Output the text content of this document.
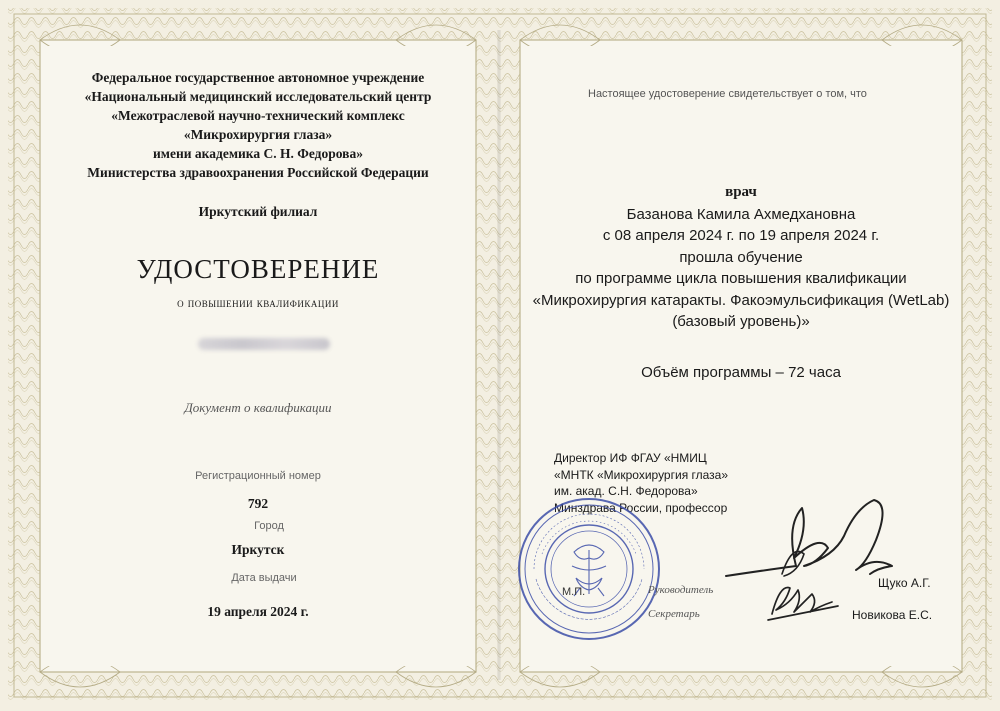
Федеральное государственное автономное учреждение
«Национальный медицинский исследовательский центр
«Межотраслевой научно-технический комплекс
«Микрохирургия глаза»
имени академика С. Н. Федорова»
Министерства здравоохранения Российской Федерации
Иркутский филиал
УДОСТОВЕРЕНИЕ
о повышении квалификации
Документ о квалификации
Регистрационный номер
792
Город
Иркутск
Дата выдачи
19 апреля 2024 г.
Настоящее удостоверение свидетельствует о том, что
врач
Базанова Камила Ахмедхановна
с 08 апреля 2024 г. по 19 апреля 2024 г.
прошла обучение
по программе цикла повышения квалификации
«Микрохирургия катаракты. Факоэмульсификация (WetLab)
(базовый уровень)»
Объём программы – 72 часа
Директор ИФ ФГАУ «НМИЦ
«МНТК «Микрохирургия глаза»
им. акад. С.Н. Федорова»
Минздрава России, профессор
М.П.	Руководитель	Щуко А.Г.
Секретарь	Новикова Е.С.
